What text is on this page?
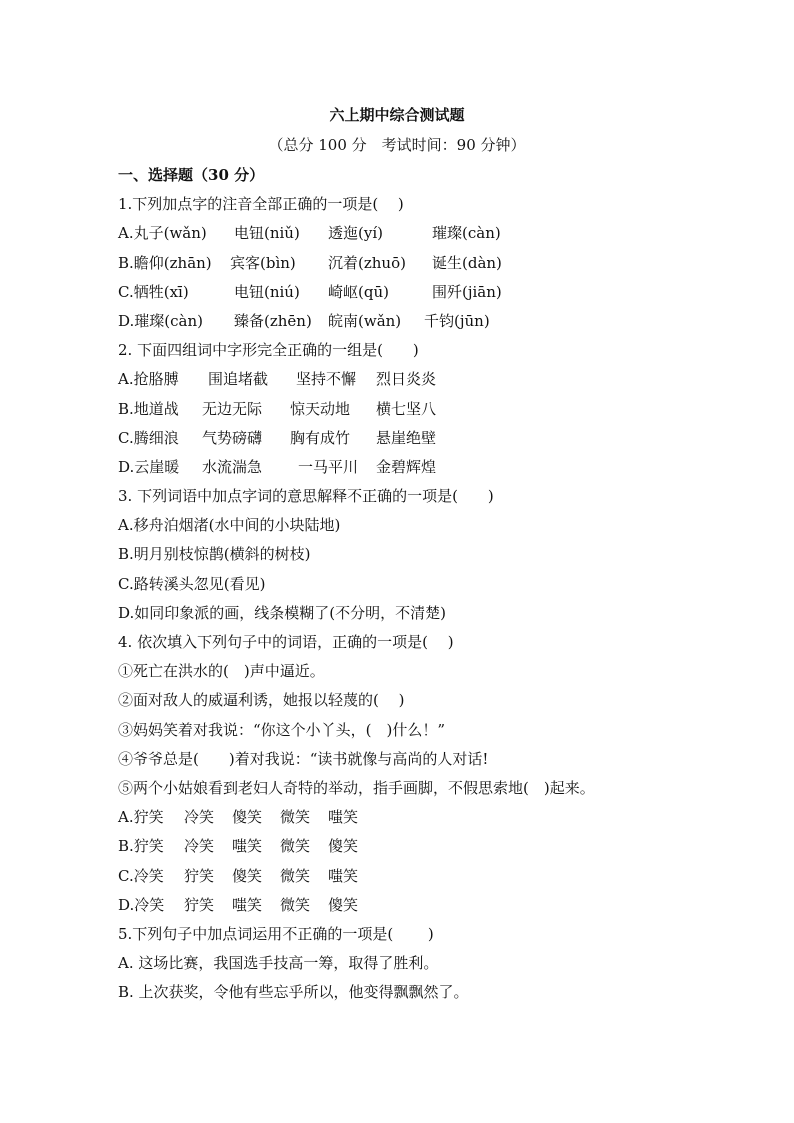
六上期中综合测试题
（总分 100 分　考试时间：90 分钟）
一、选择题（30 分）
1.下列加点字的注音全部正确的一项是(　 )
A.丸子(wǎn) 电钮(niǔ) 透迤(yí)	璀璨(càn)
B.瞻仰(zhān) 宾客(bìn) 沉着(zhuō) 诞生(dàn)
C.牺牲(xī)	电钮(niú) 崎岖(qū)	围歼(jiān)
D.璀璨(càn) 臻备(zhēn) 皖南(wǎn) 千钧(jūn)
2. 下面四组词中字形完全正确的一组是(　　)
A.抢胳膊 围追堵截 坚持不懈 烈日炎炎
B.地道战 无边无际 惊天动地 横七坚八
C.腾细浪 气势磅礴 胸有成竹 悬崖绝壁
D.云崖暖 水流湍急 一马平川 金碧辉煌
3. 下列词语中加点字词的意思解释不正确的一项是(　　)
A.移舟泊烟渚(水中间的小块陆地)
B.明月别枝惊鹊(横斜的树枝)
C.路转溪头忽见(看见)
D.如同印象派的画，线条模糊了(不分明，不清楚)
4. 依次填入下列句子中的词语，正确的一项是(　 )
①死亡在洪水的(　)声中逼近。
②面对敌人的威逼利诱，她报以轻蔑的(　 )
③妈妈笑着对我说：“你这个小丫头，(　)什么！”
④爷爷总是(　　)着对我说：“读书就像与高尚的人对话!
⑤两个小姑娘看到老妇人奇特的举动，指手画脚，不假思索地(　)起来。
A.狞笑 冷笑 傻笑 微笑 嗤笑
B.狞笑 冷笑 嗤笑 微笑 傻笑
C.冷笑 狞笑 傻笑 微笑 嗤笑
D.冷笑 狞笑 嗤笑 微笑 傻笑
5.下列句子中加点词运用不正确的一项是(　　 )
A. 这场比赛，我国选手技高一筹，取得了胜利。
B. 上次获奖，令他有些忘乎所以，他变得飘飘然了。
